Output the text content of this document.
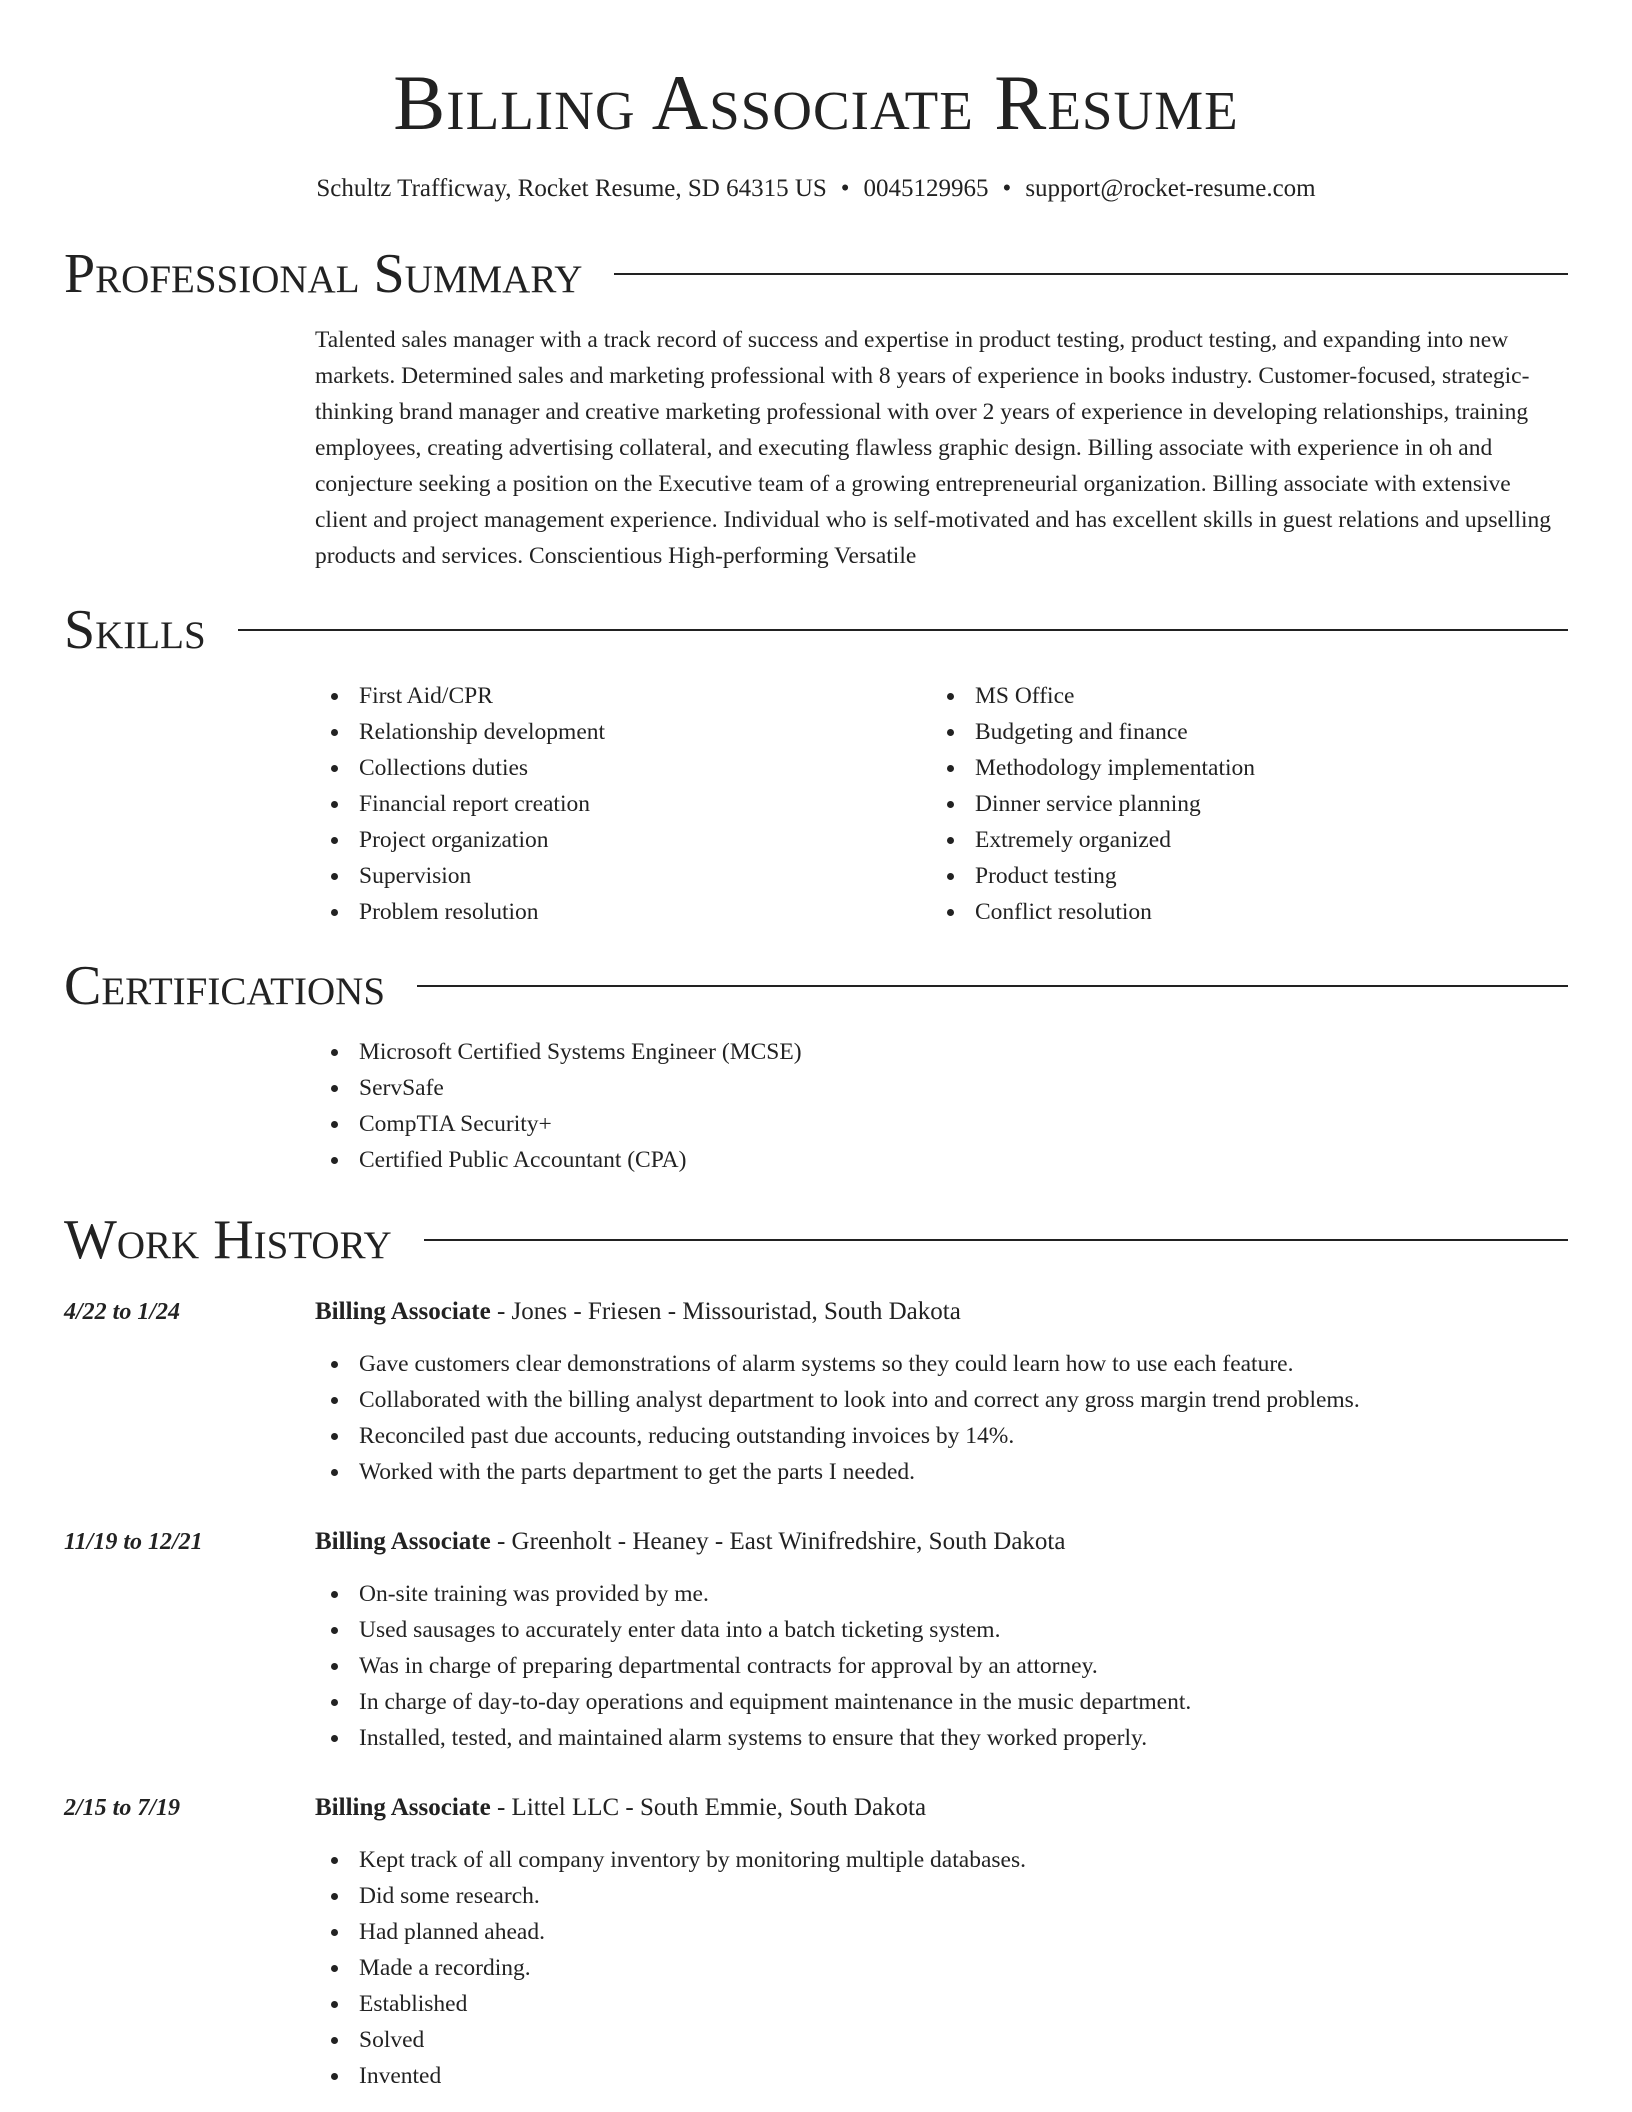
Billing Associate Resume
Schultz Trafficway, Rocket Resume, SD 64315 US • 0045129965 • support@rocket-resume.com
Professional Summary

Talented sales manager with a track record of success and expertise in product testing, product testing, and expanding into new markets. Determined sales and marketing professional with 8 years of experience in books industry. Customer-focused, strategic-thinking brand manager and creative marketing professional with over 2 years of experience in developing relationships, training employees, creating advertising collateral, and executing flawless graphic design. Billing associate with experience in oh and conjecture seeking a position on the Executive team of a growing entrepreneurial organization. Billing associate with extensive client and project management experience. Individual who is self-motivated and has excellent skills in guest relations and upselling products and services. Conscientious High-performing Versatile

Skills
First Aid/CPR
Relationship development
Collections duties
Financial report creation
Project organization
Supervision
Problem resolution
MS Office
Budgeting and finance
Methodology implementation
Dinner service planning
Extremely organized
Product testing
Conflict resolution
Certifications
Microsoft Certified Systems Engineer (MCSE)
ServSafe
CompTIA Security+
Certified Public Accountant (CPA)
Work History
4/22 to 1/24	Billing Associate - Jones - Friesen - Missouristad, South Dakota
Gave customers clear demonstrations of alarm systems so they could learn how to use each feature.
Collaborated with the billing analyst department to look into and correct any gross margin trend problems.
Reconciled past due accounts, reducing outstanding invoices by 14%.
Worked with the parts department to get the parts I needed.
11/19 to 12/21	Billing Associate - Greenholt - Heaney - East Winifredshire, South Dakota
On-site training was provided by me.
Used sausages to accurately enter data into a batch ticketing system.
Was in charge of preparing departmental contracts for approval by an attorney.
In charge of day-to-day operations and equipment maintenance in the music department.
Installed, tested, and maintained alarm systems to ensure that they worked properly.
2/15 to 7/19	Billing Associate - Littel LLC - South Emmie, South Dakota
Kept track of all company inventory by monitoring multiple databases.
Did some research.
Had planned ahead.
Made a recording.
Established
Solved
Invented
